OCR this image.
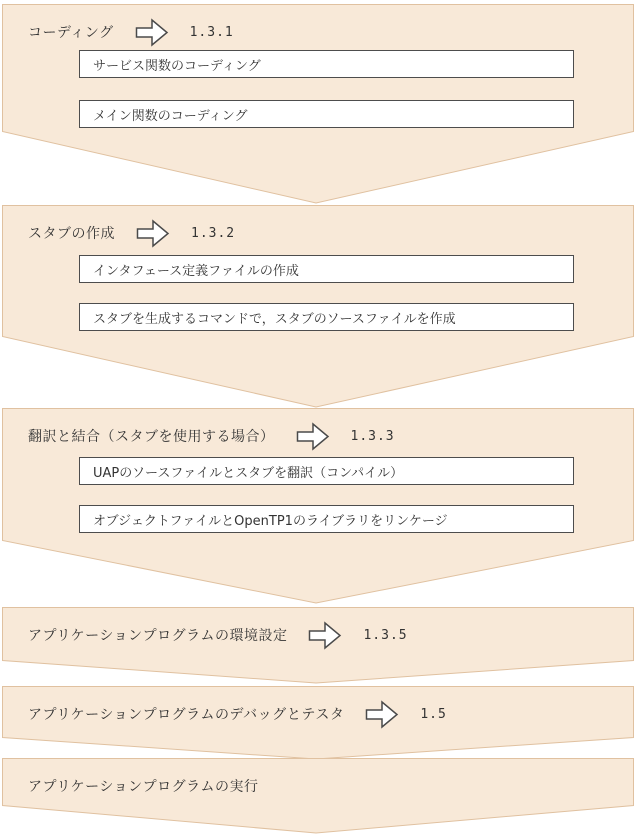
コーディング	1.3.1
サービス関数のコーディング
メイン関数のコーディング
スタブの作成	1.3.2
インタフェース定義ファイルの作成
スタブを生成するコマンドで，スタブのソースファイルを作成
翻訳と結合（スタブを使用する場合）	1.3.3
UAPのソースファイルとスタブを翻訳（コンパイル）
オブジェクトファイルとOpenTP1のライブラリをリンケージ
アプリケーションプログラムの環境設定	1.3.5
アプリケーションプログラムのデバッグとテスタ	1.5
アプリケーションプログラムの実行
